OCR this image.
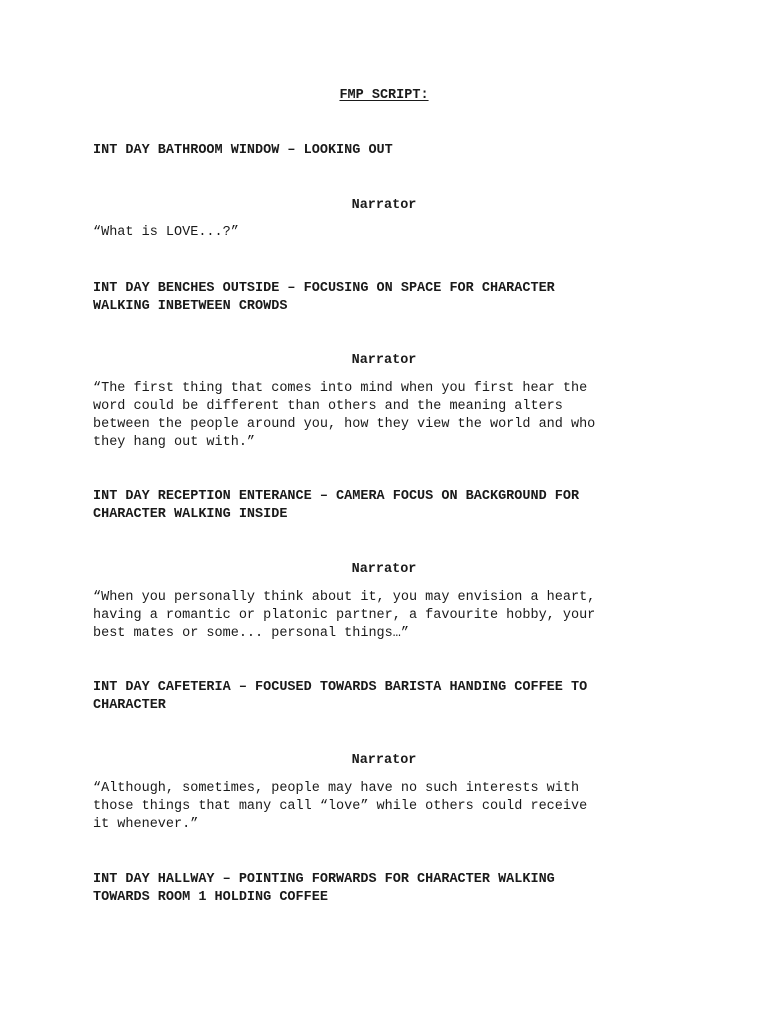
FMP SCRIPT:
INT DAY BATHROOM WINDOW – LOOKING OUT
Narrator
“What is LOVE...?”
INT DAY BENCHES OUTSIDE – FOCUSING ON SPACE FOR CHARACTER
WALKING INBETWEEN CROWDS
Narrator
“The first thing that comes into mind when you first hear the
word could be different than others and the meaning alters
between the people around you, how they view the world and who
they hang out with.”
INT DAY RECEPTION ENTERANCE – CAMERA FOCUS ON BACKGROUND FOR
CHARACTER WALKING INSIDE
Narrator
“When you personally think about it, you may envision a heart,
having a romantic or platonic partner, a favourite hobby, your
best mates or some... personal things…”
INT DAY CAFETERIA – FOCUSED TOWARDS BARISTA HANDING COFFEE TO
CHARACTER
Narrator
“Although, sometimes, people may have no such interests with
those things that many call “love” while others could receive
it whenever.”
INT DAY HALLWAY – POINTING FORWARDS FOR CHARACTER WALKING
TOWARDS ROOM 1 HOLDING COFFEE
